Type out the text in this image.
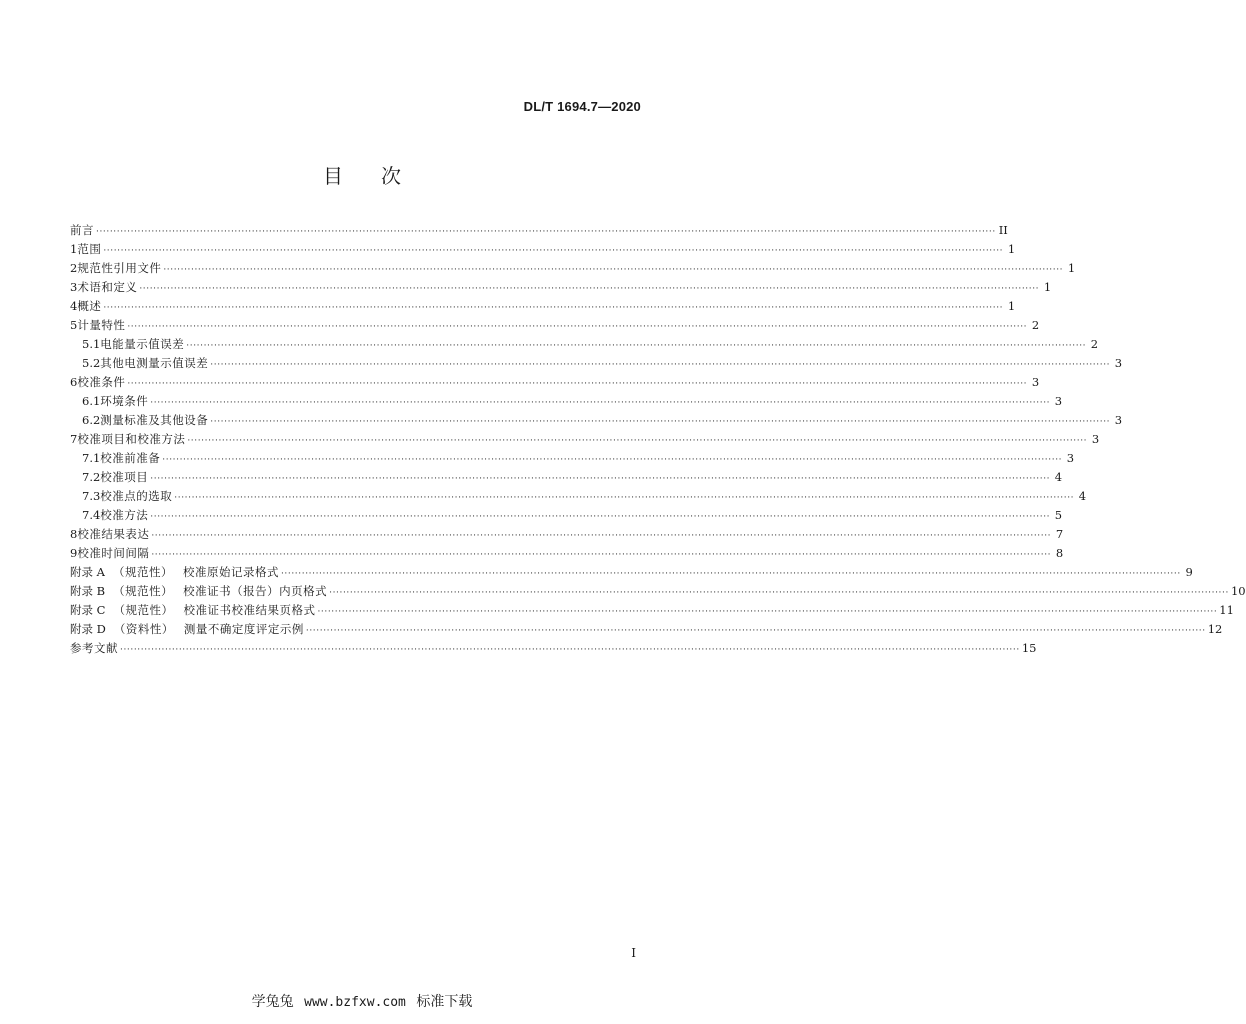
DL/T 1694.7—2020
目 次
前言 ···································································································································································································································································· II
1 范围 ···································································································································································································································································· 1
2 规范性引用文件 ···································································································································································································································································· 1
3 术语和定义 ···································································································································································································································································· 1
4 概述 ···································································································································································································································································· 1
5 计量特性 ···································································································································································································································································· 2
5.1 电能量示值误差 ···································································································································································································································································· 2
5.2 其他电测量示值误差 ···································································································································································································································································· 3
6 校准条件 ···································································································································································································································································· 3
6.1 环境条件 ···································································································································································································································································· 3
6.2 测量标准及其他设备 ···································································································································································································································································· 3
7 校准项目和校准方法 ···································································································································································································································································· 3
7.1 校准前准备 ···································································································································································································································································· 3
7.2 校准项目 ···································································································································································································································································· 4
7.3 校准点的选取 ···································································································································································································································································· 4
7.4 校准方法 ···································································································································································································································································· 5
8 校准结果表达 ···································································································································································································································································· 7
9 校准时间间隔 ···································································································································································································································································· 8
附录 A （规范性） 校准原始记录格式 ···································································································································································································································································· 9
附录 B （规范性） 校准证书（报告）内页格式 ···································································································································································································································································· 10
附录 C （规范性） 校准证书校准结果页格式 ···································································································································································································································································· 11
附录 D （资料性） 测量不确定度评定示例 ···································································································································································································································································· 12
参考文献 ···································································································································································································································································· 15
I
学兔兔 www.bzfxw.com 标准下载
